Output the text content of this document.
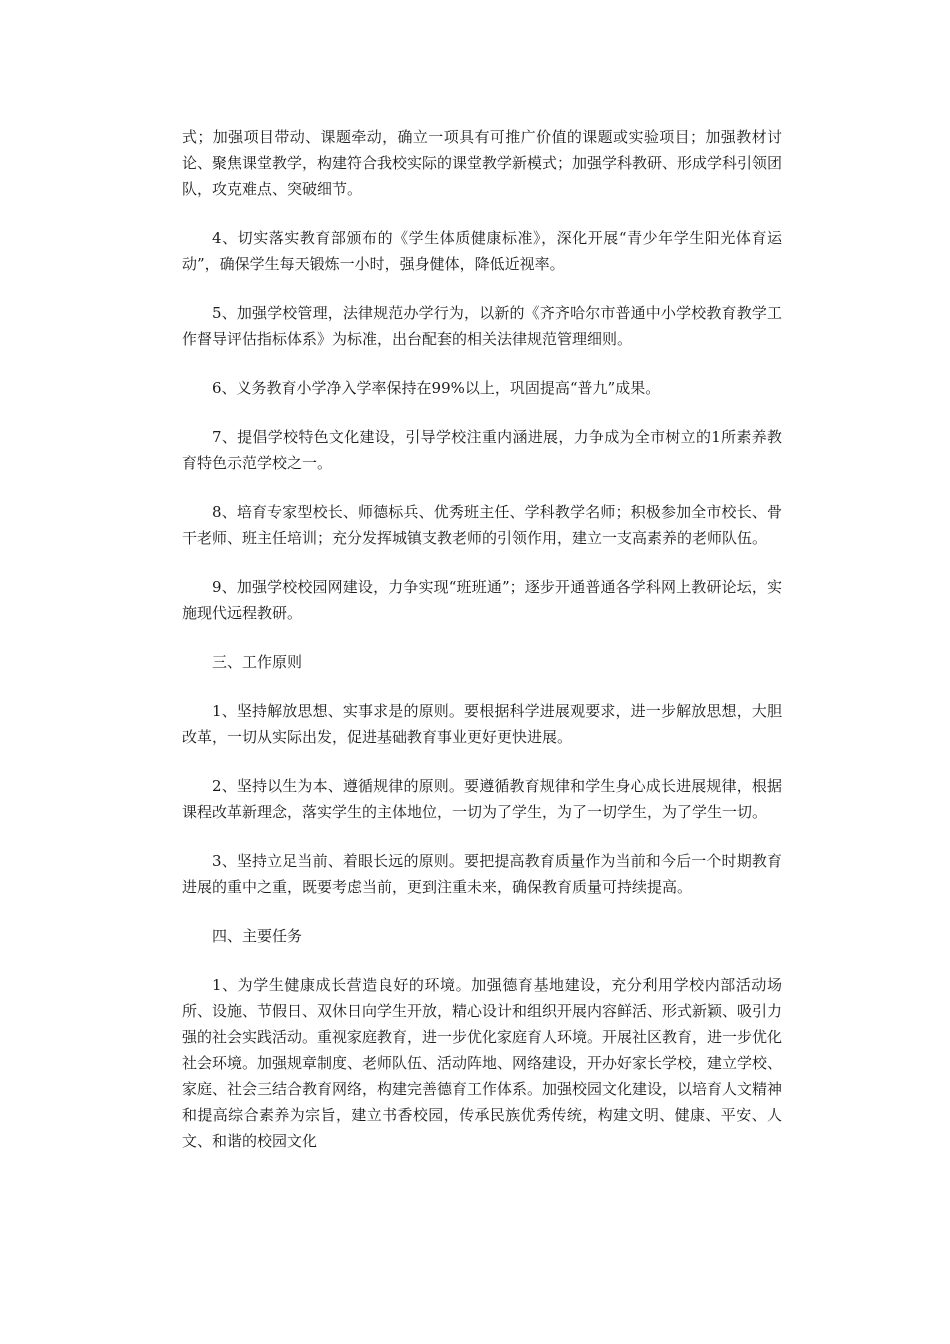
式；加强项目带动、课题牵动，确立一项具有可推广价值的课题或实验项目；加强教材讨论、聚焦课堂教学，构建符合我校实际的课堂教学新模式；加强学科教研、形成学科引领团队，攻克难点、突破细节。

4、切实落实教育部颁布的《学生体质健康标准》，深化开展“青少年学生阳光体育运动”，确保学生每天锻炼一小时，强身健体，降低近视率。

5、加强学校管理，法律规范办学行为，以新的《齐齐哈尔市普通中小学校教育教学工作督导评估指标体系》为标准，出台配套的相关法律规范管理细则。

6、义务教育小学净入学率保持在99%以上，巩固提高“普九”成果。

7、提倡学校特色文化建设，引导学校注重内涵进展，力争成为全市树立的1所素养教育特色示范学校之一。

8、培育专家型校长、师德标兵、优秀班主任、学科教学名师；积极参加全市校长、骨干老师、班主任培训；充分发挥城镇支教老师的引领作用，建立一支高素养的老师队伍。

9、加强学校校园网建设，力争实现“班班通”；逐步开通普通各学科网上教研论坛，实施现代远程教研。

三、工作原则

1、坚持解放思想、实事求是的原则。要根据科学进展观要求，进一步解放思想，大胆改革，一切从实际出发，促进基础教育事业更好更快进展。

2、坚持以生为本、遵循规律的原则。要遵循教育规律和学生身心成长进展规律，根据课程改革新理念，落实学生的主体地位，一切为了学生，为了一切学生，为了学生一切。

3、坚持立足当前、着眼长远的原则。要把提高教育质量作为当前和今后一个时期教育进展的重中之重，既要考虑当前，更到注重未来，确保教育质量可持续提高。

四、主要任务

1、为学生健康成长营造良好的环境。加强德育基地建设，充分利用学校内部活动场所、设施、节假日、双休日向学生开放，精心设计和组织开展内容鲜活、形式新颖、吸引力强的社会实践活动。重视家庭教育，进一步优化家庭育人环境。开展社区教育，进一步优化社会环境。加强规章制度、老师队伍、活动阵地、网络建设，开办好家长学校，建立学校、家庭、社会三结合教育网络，构建完善德育工作体系。加强校园文化建设，以培育人文精神和提高综合素养为宗旨，建立书香校园，传承民族优秀传统，构建文明、健康、平安、人文、和谐的校园文化
